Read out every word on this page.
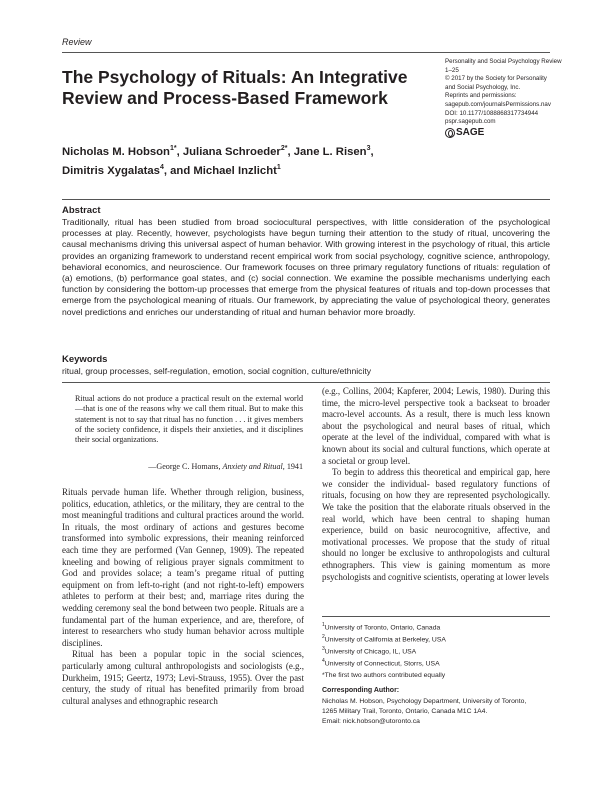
Review
The Psychology of Rituals: An Integrative Review and Process-Based Framework
Nicholas M. Hobson$^{1*}$, Juliana Schroeder$^{2*}$, Jane L. Risen$^3$,
Dimitris Xygalatas$^4$, and Michael Inzlicht$^1$
Personality and Social Psychology Review
1–25
© 2017 by the Society for Personality
and Social Psychology, Inc.
Reprints and permissions:
sagepub.com/journalsPermissions.nav
DOI: 10.1177/1088868317734944
pspr.sagepub.com
SAGE
Abstract
Traditionally, ritual has been studied from broad sociocultural perspectives, with little consideration of the psychological processes at play. Recently, however, psychologists have begun turning their attention to the study of ritual, uncovering the causal mechanisms driving this universal aspect of human behavior. With growing interest in the psychology of ritual, this article provides an organizing framework to understand recent empirical work from social psychology, cognitive science, anthropology, behavioral economics, and neuroscience. Our framework focuses on three primary regulatory functions of rituals: regulation of (a) emotions, (b) performance goal states, and (c) social connection. We examine the possible mechanisms underlying each function by considering the bottom-up processes that emerge from the physical features of rituals and top-down processes that emerge from the psychological meaning of rituals. Our framework, by appreciating the value of psychological theory, generates novel predictions and enriches our understanding of ritual and human behavior more broadly.
Keywords
ritual, group processes, self-regulation, emotion, social cognition, culture/ethnicity
Ritual actions do not produce a practical result on the external world—that is one of the reasons why we call them ritual. But to make this statement is not to say that ritual has no function . . . it gives members of the society confidence, it dispels their anxieties, and it disciplines their social organizations.
—George C. Homans, Anxiety and Ritual, 1941

Rituals pervade human life. Whether through religion, business, politics, education, athletics, or the military, they are central to the most meaningful traditions and cultural practices around the world. In rituals, the most ordinary of actions and gestures become transformed into symbolic expressions, their meaning reinforced each time they are performed (Van Gennep, 1909). The repeated kneeling and bowing of religious prayer signals commitment to God and provides solace; a team’s pregame ritual of putting equipment on from left-to-right (and not right-to-left) empowers athletes to perform at their best; and, marriage rites during the wedding ceremony seal the bond between two people. Rituals are a fundamental part of the human experience, and are, therefore, of interest to researchers who study human behavior across multiple disciplines.

Ritual has been a popular topic in the social sciences, particularly among cultural anthropologists and sociologists (e.g., Durkheim, 1915; Geertz, 1973; Levi-Strauss, 1955). Over the past century, the study of ritual has benefited primarily from broad cultural analyses and ethnographic research

(e.g., Collins, 2004; Kapferer, 2004; Lewis, 1980). During this time, the micro-level perspective took a backseat to broader macro-level accounts. As a result, there is much less known about the psychological and neural bases of ritual, which operate at the level of the individual, compared with what is known about its social and cultural functions, which operate at a societal or group level.

To begin to address this theoretical and empirical gap, here we consider the individual- based regulatory functions of rituals, focusing on how they are represented psychologically. We take the position that the elaborate rituals observed in the real world, which have been central to shaping human experience, build on basic neurocognitive, affective, and motivational processes. We propose that the study of ritual should no longer be exclusive to anthropologists and cultural ethnographers. This view is gaining momentum as more psychologists and cognitive scientists, operating at lower levels

$^1$University of Toronto, Ontario, Canada
$^2$University of California at Berkeley, USA
$^3$University of Chicago, IL, USA
$^4$University of Connecticut, Storrs, USA
*The first two authors contributed equally
Corresponding Author:
Nicholas M. Hobson, Psychology Department, University of Toronto,
1265 Military Trail, Toronto, Ontario, Canada M1C 1A4.
Email: nick.hobson@utoronto.ca
